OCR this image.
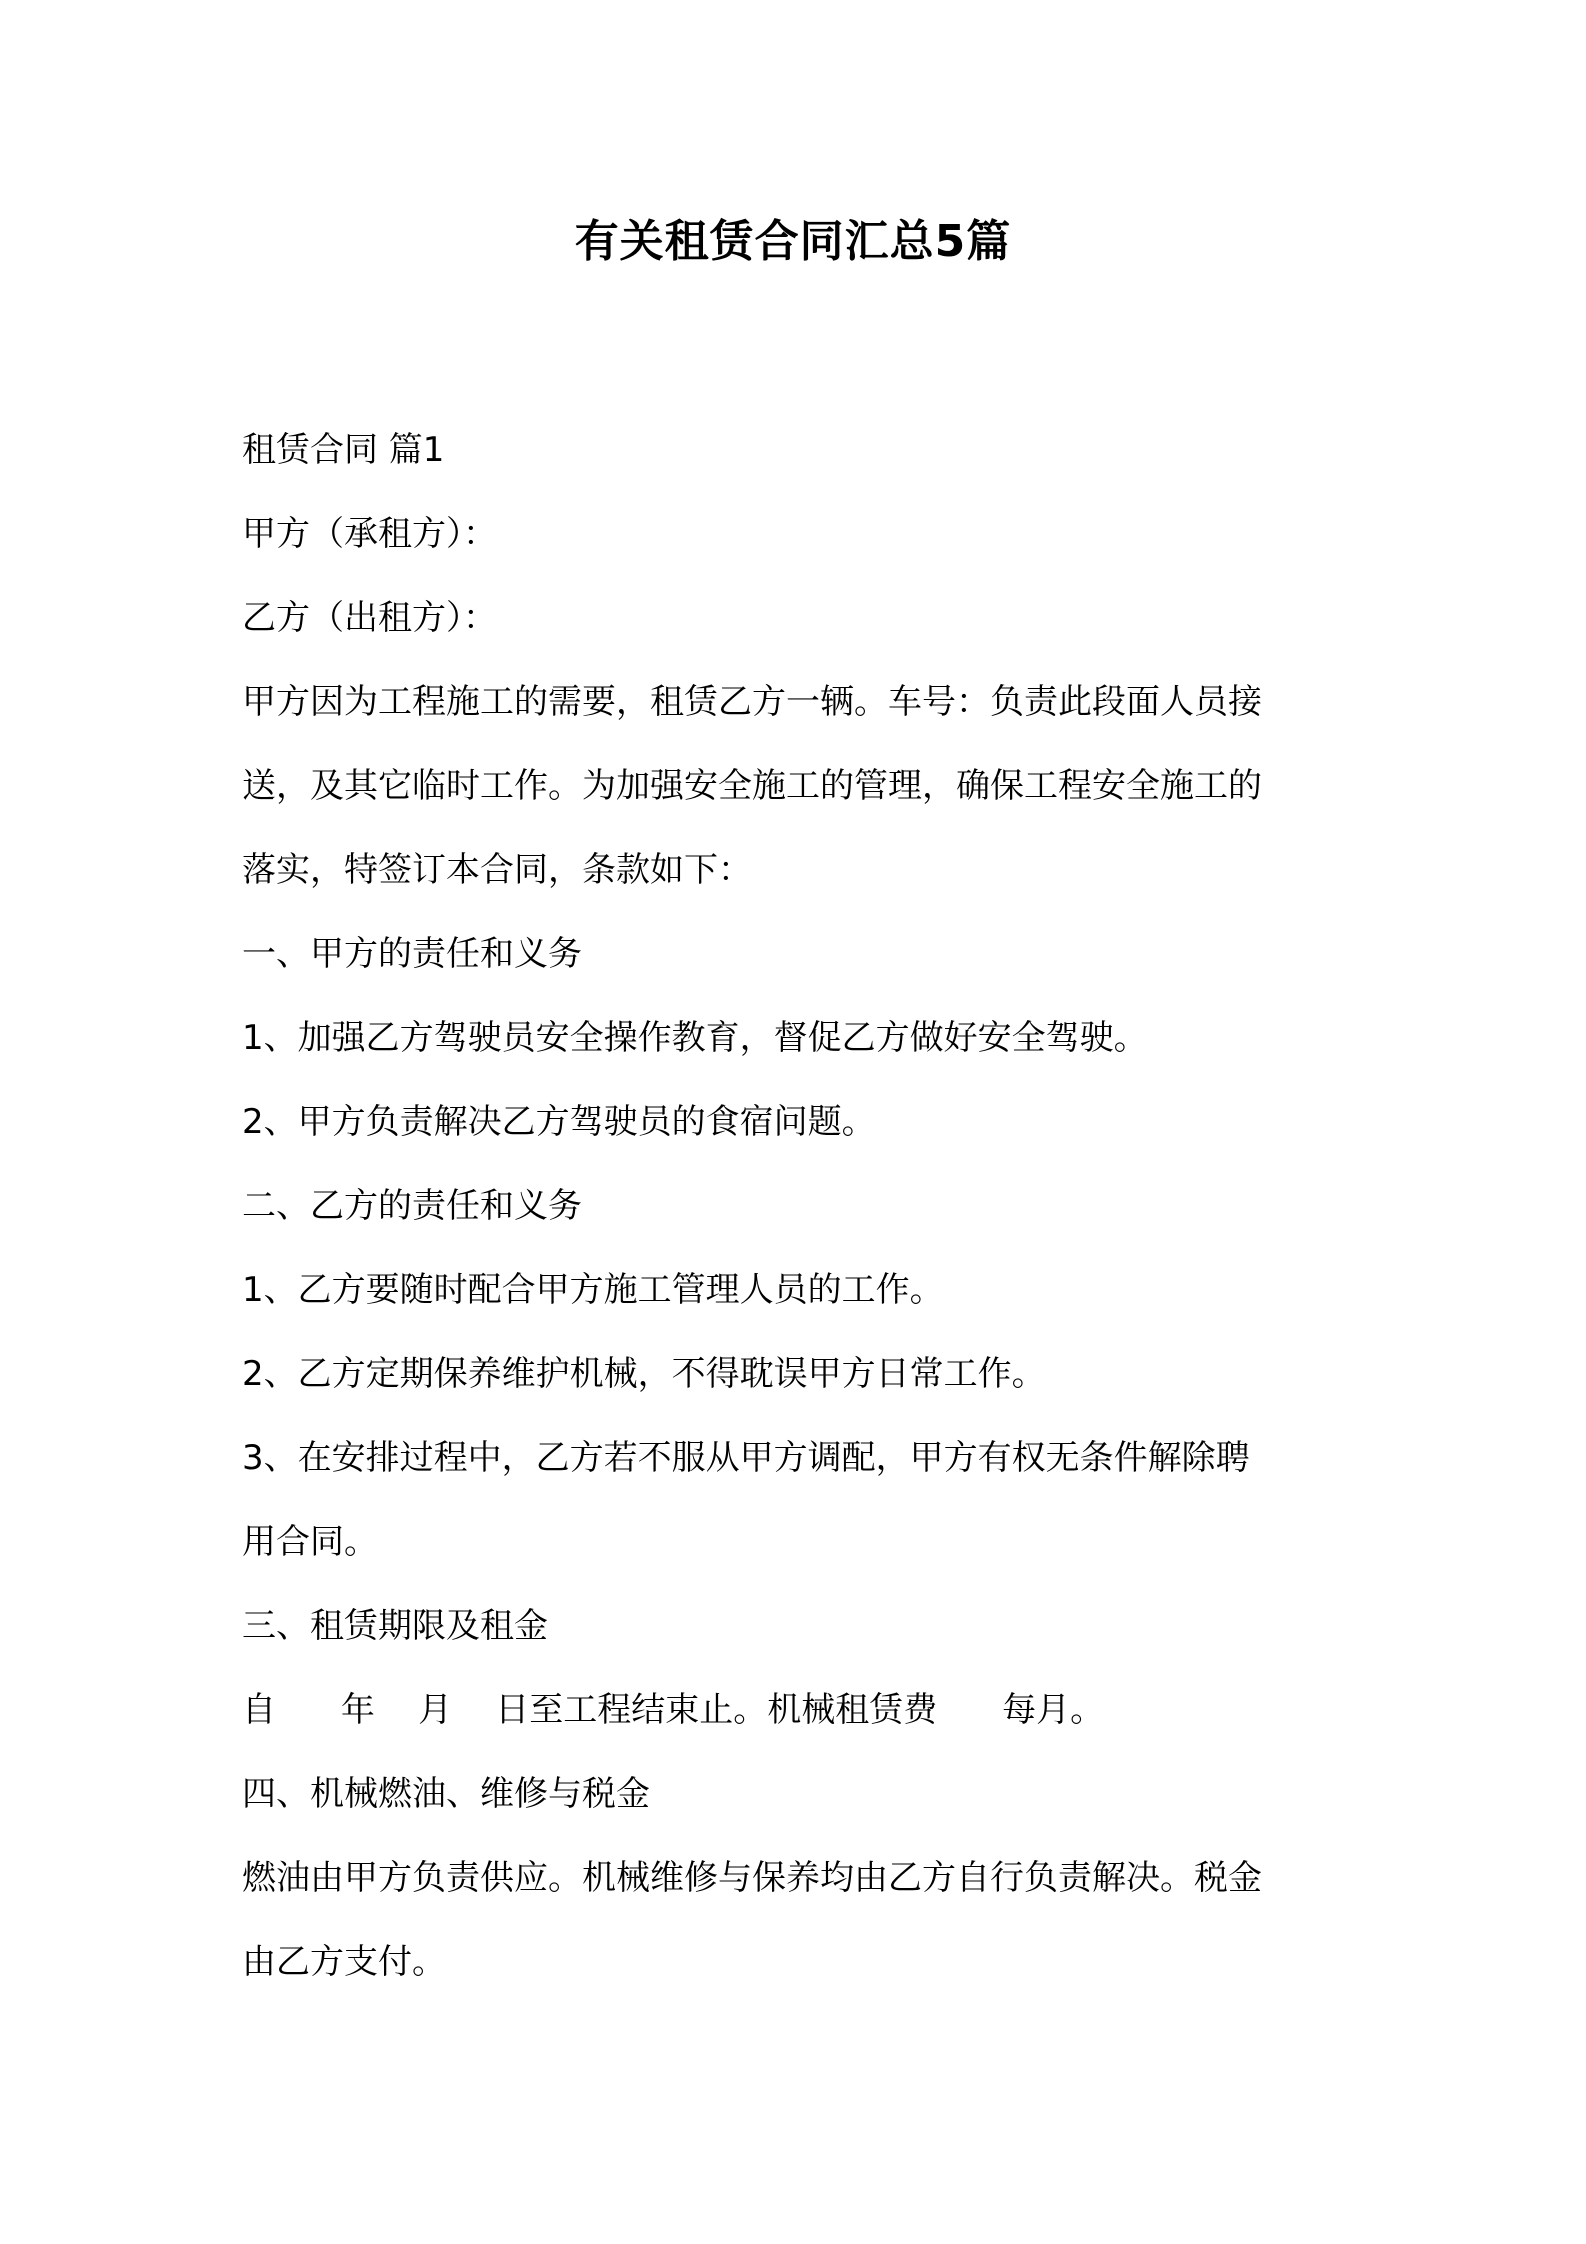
有关租赁合同汇总5篇
租赁合同 篇1
甲方（承租方）：
乙方（出租方）：
甲方因为工程施工的需要，租赁乙方一辆。车号：负责此段面人员接
送，及其它临时工作。为加强安全施工的管理，确保工程安全施工的
落实，特签订本合同，条款如下：
一、甲方的责任和义务
1、加强乙方驾驶员安全操作教育，督促乙方做好安全驾驶。
2、甲方负责解决乙方驾驶员的食宿问题。
二、乙方的责任和义务
1、乙方要随时配合甲方施工管理人员的工作。
2、乙方定期保养维护机械，不得耽误甲方日常工作。
3、在安排过程中，乙方若不服从甲方调配，甲方有权无条件解除聘
用合同。
三、租赁期限及租金
自      年    月    日至工程结束止。机械租赁费      每月。
四、机械燃油、维修与税金
燃油由甲方负责供应。机械维修与保养均由乙方自行负责解决。税金
由乙方支付。
